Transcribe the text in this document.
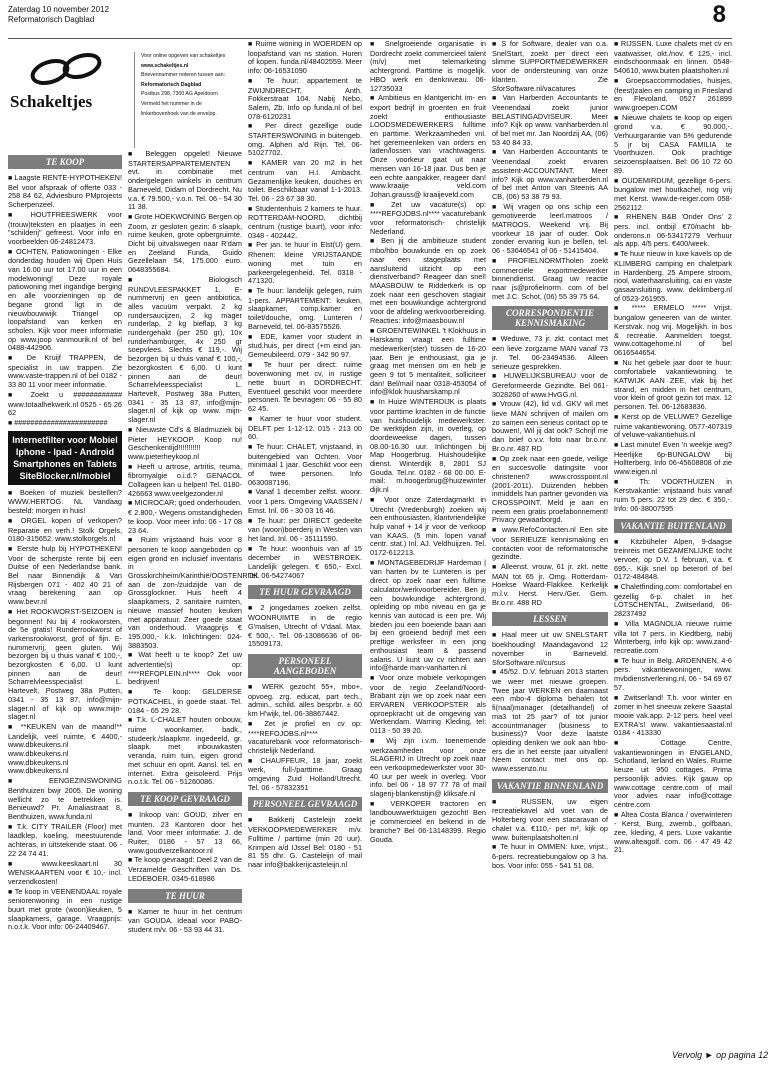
Zaterdag 10 november 2012
Reformatorisch Dagblad	8
Schakeltjes
Voor online opgeven van schakeltjes
www.schakeltjes.nl
Brievennummer noteren tussen aan:
Reformatorisch Dagblad
Postbus 298, 7300 AG Apeldoorn
Vermeld het nummer in de
linkerbovenhoek van de envelop.
TE KOOP

■ Laagste RENTE-HYPOTHEKEN! Bel voor afspraak of offerte 033 - 258 84 62, Adviesburo PMprojects Scherpenzeel.

■ HOUTFREESWERK voor (trouw)teksten en plaatjes in een "schilderij" gefreest. Voor info en voorbeelden 06-24812473.

■ OCHTEN, Patiowoningen - Elke donderdag houden wij Open Huis van 16.00 uur tot 17.00 uur in een modelwoning! Deze royale patiowoning met ingandige berging en alle voorzieningen op de begane grond ligt in de nieuwbouwwijk Triangel op loopafstand van kerken en scholen. Kijk voor meer informatie op www.joop vanmourik.nl of bel 0488-442906.

■ De Kruijf TRAPPEN, de specialist in uw trappen. Zie www.vaste-trappen.nl of bel 0182 - 33 80 11 voor meer informatie.

■ Zoekt u ############ www.totaalhekwerk.nl 0525 - 65 26 62

■ #######################

Internetfilter voor Mobiel Iphone - Ipad - Android Smartphones en Tablets SiteBlocker.nl/mobiel

■ Boeken of muziek bestellen? WWW.HERTOG. NL Vandaag besteld: morgen in huis!

■ ORGEL kopen of verkopen? Reparatie en verh.! Stolk Orgels, 0180-315652. www.stolkorgels.nl

■ Eerste hulp bij HYPOTHEKEN! Voor de scherpste rente bij een Duitse of een Nederlandse bank. Bel naar Binnendijk & Van Rijsbergen 071 - 402 40 21 of vraag berekening aan op www.bevr.nl

■ Het ROOKWORST-SEIZOEN is begonnen! Nu bij 4 rookworsten, de 5e gratis! Runderrookworst of varkensrookworst, grof of fijn. E-nummervrij, geen gluten. Wij bezorgen bij u thuis vanaf € 100,-, bezorgkosten € 6,00. U kunt pinnen aan de deur! Scharrelvleesspecialist L. Hartevelt, Postweg 38a Putten, 0341 - 35 13 87, info@mijn-slager.nl of kijk op www.mijn-slager.nl

■ **KEUKEN van de maand!** Landelijk, veel ruimte, € 4400,-www.dbkeukens.nl www.dbkeukens.nl www.dbkeukens.nl www.dbkeukens.nl

■ EENGEZINSWONING Benthuizen bwjr 2005. De woning wellicht zo te betrekken is. Benieuwd? Pr. Amaliastraat 8, Benthuizen, www.funda.nl

■ T.k. CITY TRAILER (Floor) met laadklep, koeling, meestuurende achteras, in uitstekende staat. 06 - 22 24 74 41.

■ www.keeskaart.nl 30 WENSKAARTEN voor € 10,- incl. verzendkosten!

■ Te koop in VEENENDAAL royale seniorenwoning in een rustige buurt met grote (woon)keuken, 5 slaapkamers, garage. Vraagprijs: n.o.t.k. Voor info: 06-24409467.

■ Beleggen opgelet! Nieuwe STARTERSAPPARTEMENTEN evt. in combinatie met ondergelegen winkels in centrum Barneveld, Didam of Dordrecht. Nu v.a. € 79.500,- v.o.n. Tel. 06 - 54 30 11 38.

■ Grote HOEKWONING Bergen op Zoom, zr gesloten gezin: 6 slaapk, ruime keuken, grote opbergruimte. Dicht bij uitvalswegen naar R'dam en Zeeland Funda, Guido Gezellelaan 54, 175.000 euro. 0648355684.

■ Biologisch RUNDVLEESPAKKET 1, E-nummervrij en geen antibiotica, alles vacuüm verpakt. 2 kg rundersaucijzen, 2 kg mager runderlap, 2 kg bieflap, 3 kg rundergehakt (per 250 gr), 10x runderhamburger, 4x 250 gr soepvlees. Slechts € 119,-. Wij bezorgen bij u thuis vanaf € 100,-, bezorgkosten € 6,00. U kunt pinnen aan de deur! Scharrelvleesspecialist L. Hartevelt, Postweg 38a Putten, 0341 - 35 13 87, info@mijn-slager.nl of kijk op www. mijn-slager.nl

■ Nieuwste Cd's & Bladmuziek bij Pieter HEYKOOP. Koop nu! Geschenkentijd!!!!!!!!!!! www.pieterheykoop.nl

■ Heeft u artrose, artritis, reuma, fibromyalgie o.i.d.? GENACOL Collageen kan u helpen! Tel. 0180-426663 www.veelgezonder.nl

■ MICROCAR; goed onderhouden. € 2.800,- Wegens omstandigheden te koop. Voor meer info: 06 - 17 08 23 64.

■ Ruim vrijstaand huis voor 8 personen te koop aangeboden op eigen grond en inclusief inventaris in Grosskirchheim/Karinthië/OOSTENRIJK aan de zon-/zuidzijde van de Grossglockner. Huis heeft 4 slaapkamers, 2 sanitaire ruimten, nieuwe massief houten keuken met apparatuur. Zeer goede staat van onderhoud. Vraagprijs € 195.000,- k.k. Inlichtingen: 024-3883503.

■ Wat heeft u te koop? Zet uw advertentie(s) op: ****REFOPLEIN.nl**** Ook voor bedrijven!

■ Te koop: GELDERSE POTKACHEL, in goede staat. Tel. 0184 - 65 29 28.

■ T.k. L-CHALET houten onbouw, ruime woonkamer, badk., studeerk./slaapkmr. ingedeeld, gr. slaapk. met inbouwkasten veranda, ruim tuin, eigen grond met schuur en oprit. Aansl. tel. en internet. Extra geisoleerd. Prijs n.o.t.k. Tel. 06 - 51260086.

TE KOOP GEVRAAGD

■ Inkoop van: GOUD, zilver en munten. 23 Kantoren door het land. Voor meer informatie: J. de Ruiter, 0186 - 57 13 66, www.goudverzelkantoor.nl

■ Te koop gevraagd: Deel 2 van de Verzamelde Geschriften van Ds. LEDEBOER. 0345-618986

TE HUUR

■ Kamer te huur in het centrum van GOUDA. Ideaal voor PABO-student m/v. 06 - 53 93 44 31.

■ Ruime woning in WOERDEN op loopafstand van ns station. Huren of kopen. funda.nl/48402559. Meer info: 06-16531090

■ Te huur: appartement te ZWIJNDRECHT, Anth. Fokkerstraat 104. Nabij Nebo, Salem, Zb. Info op funda.nl of bel 078-6120231

■ Per direct gezellige oude STARTERSWONING in buitengeb. omg. Alphen a/d Rijn. Tel. 06-51027702.

■ KAMER van 20 m2 in het centrum van H.I. Ambacht. Gezamenlijke keuken, douches en toilet. Beschikbaar vanaf 1-1-2013. Tel. 06 - 23 67 38 30.

■ Studentenhuis 2 kamers te huur. ROTTERDAM-NOORD, dichtbij centrum (rustige buurt), voor info: 0348 - 402442.

■ Per jan. te huur in Elst(U) gem. Rhenen: kleine VRIJSTAANDE woning met tuin en parkeergelegenheid. Tel. 0318 - 471320.

■ Te huur: landelijk gelegen, ruim 1-pers. APPARTEMENT: keuken, slaapkamer, comp.kamer en toilet/douche, omg. Lunteren / Barneveld, tel. 06-83575526.

■ EDE, kamer voor student in stud.huis, per direct (+m eind jan. Gemeubileerd. 079 - 342 90 97.

■ Te huur per direct: ruime bovenwoning met cv, in rustige nette buurt in DORDRECHT. Eventueel geschikt voor meerdere personen. Te bevragen: 06 - 55 80 62 45.

■ Kamer te huur voor student. DELFT per 1-12-12. 015 - 213 00 60.

■ Te huur: CHALET, vrijstaand, in buitengebied van Ochten. Voor minimaal 1 jaar. Geschikt voor een of twee personen. Info 0630087196.

■ Vanaf 1 december zelfst. woonr. voor 1 pers. Omgeving VAASSEN / Emst. Inl. 06 - 30 03 16 46.

■ Te huur: per DIRECT gedeelte van (woon)boerderij in Westen van het land. Inl. 06 - 35111590.

■ Te huur: woonhuis van af 15 december in WESTBROEK. Landelijk gelegen. € 650,- Excl. Tel. 06-54274067

TE HUUR GEVRAAGD

■ 2 jongedames zoeken zelfst. WOONRUIMTE in de regio G'malsen, Utrecht of V'daal. Max. € 500,-. Tel. 06-13086636 of 06-15509173.

PERSONEEL AANGEBODEN

■ WERK gezocht 55+, mbo+, opvoeg. zrg. educat, part tech., admin., schild. alles besprbr. ± 60 km H'wijk, tel. 06-38867442.

■ Zet je profiel en cv op: ****REFOJOBS.nl**** vacaturebank voor reformatorisch-christelijk Nederland.

■ CHAUFFEUR, 18 jaar, zoekt werk, full-/parttime. Graag omgeving Zuid Holland/Utrecht. Tel. 06 - 57832351

PERSONEEL GEVRAAGD

■ Bakkerij Casteleijn zoekt VERKOOPMEDEWERKER m/v. Fulltime / parttime (min 20 uur). Krimpen a/d IJssel Bel: 0180 - 51 81 55 dhr. G. Casteleijn of mail naar info@bakkerijcasteleijn.nl

■ Snelgroeiende organisatie in Dordrecht zoekt commercieel talent (m/v) met telemarketing achtergrond. Parttime is mogelijk. HBO werk en denkniveau. 06-12735033

■ Ambitieus en klantgericht im- en export bedrijf in groenten en fruit zoekt enthousiaste LOODSMEDEWERKERS fulltime en parttime. Werkzaamheden vnl. het geremeenleken van orders en laden/lossen van vrachtwagens. Onze voorkeur gaat uit naar mensen van 16-18 jaar. Dus ben je een echte aanpakker, reageer dan! www.kraaije veld.com Johan.grauss@ kraaijeveld.com

■ Zet uw vacature(s) op: ****REFOJOBS.nl**** vacaturebank voor reformatorisch- christelijk Nederland.

■ Ben jij die ambitieuze student mbo/hbo bouwkunde en op zoek naar een stageplaats met aansluitend uitzicht op een dienstverband? Reageer dan snel! MAASBOUW te Ridderkerk is op zoek naar een geschoven stagiair met een bouwkundige achtergrond voor de afdeling werkvoorbereiding. Reacties: info@maasbouw.nl

■ GROENTEWINKEL 't Klokhuus in Harskamp vraagt een fulltime medewerker(ster) tussen de 16-20 jaar. Ben je enthousiast, gia je graag met mensen om en heb je geen 9 tot 5 mentaliteit, solliciteer dan! Bel/mail naar 0318-453054 of info@klok huusharskamp.nl

■ In Huize WINTERDIJK is plaats voor parttime krachten in de functie van huishoudelijk medewerkster. De werktijden zijn, in overleg, op doordeweekse dagen, tussen 08.00-16.30 uur. Inlichtingen bij Map Hoogerbrug. Huishoudelijke dienst. Winterdijk 8, 2801 SJ Gouda. Tel.nr. 0182 - 68 00 00. E-mail: m.hoogerbrug@huizewinter dijk.nl

■ Voor onze Zaterdagmarkt in Utrecht (Vredenburgh) zoeken wij een enthousiasten, klantvriendelijke hulp vanaf + 14 jr voor de verkoop van KAAS. (5 min. lopen vanaf centr. stat.) Inl. AJ. Veldhuijzen. Tel. 0172-612213.

■ MONTAGEBEDRIJF Hardeman | van harten bv te Lunteren is per direct op zoek naar een fulltime calculator/werkvoorbereider. Ben jij een bouwkundige achtergrond, opleiding op mbo niveau en ga je kennis van autocad is een pre. Wij bieden jou een boeiende baan aan bij een groeiend bedrijf met een prettige werksfeer in een jong enthousiast team & passend salaris. U kunt uw cv richten aan info@harde man-vanharten.nl

■ Voor onze mobiele verkopingen voor de regio Zeeland/Noord-Brabant zijn we op zoek naar een ERVAREN VERKOOPSTER als oproepkracht uit de omgeving van Werkendam. Warring Kleding, tel: 0113 - 50 39 20.

■ Wij zijn i.v.m. toenemende werkzaamheden voor onze SLAGERIJ in Utrecht op zoek naar een verkoopmedewerkster voor 30-40 uur per week in overleg. Voor info. bel 06 - 18 97 77 78 of mail slagerij-blankenstijn@ kliksafe.nl

■ VERKOPER tractoren en landbouwwerktuigen gezocht! Ben je commercieel en bekend in de branche? Bel 06-13148399. Regio Gouda.

■ S for Software, dealer van o.a. SnelStart, zoekt per direct een slimme SUPPORTMEDEWERKER voor de ondersteuning van onze klanten. Zie SforSoftware.nl/vacatures

■ Van Harberden Accountants te Veenendaal zoekt junior BELASTINGADVISEUR. Meer info? Kijk op www. vanharberden.nl of bel met mr. Jan Noordzij AA, (06) 53 40 84 33.

■ Van Harberden Accountants te Veenendaal zoekt ervaren assistent-ACCOUNTANT. Meer info? Kijk op www.vanharberden.nl of bel met Anton van Steenis AA CB, (06) 53 38 79 93.

■ Wij vragen op ons schip een gemotiveerde leerl.matroos / MATROOS. Weekend vrij. Bij voorkeur 18 jaar of ouder. Ook zonder ervaring kun je bellen, tel. 06 - 53646541 of 06 - 51415404.

■ PROFIELNORMTholen zoekt commerciële exportmedewerker binnendienst. Graag uw reactie naar js@profielnorm. com of bel met J.C. Schot, (06) 55 39 75 64.

CORRESPONDENTIE KENNISMAKING

■ Weduwe, 73 jr. zkt. contact met een lieve zorgzame MAN vanaf 73 jr. Tel. 06-23494536. Alleen serieuze gesprekken.

■ HUWELIJKSBUREAU voor de Gereformeerde Gezindte. Bel 061-3028260 of www.HvGG.nl.

■ Vrouw (42), lid v.d. GKV wil met lieve MAN schrijven of mailen om zo samen een serieus contact op te bouwen!, Wil jij dat ook? Schrijf me dan brief o.v.v. foto naar br.o.nr. Br.o.nr. 487 RD

■ Op zoek naar een goede, veilige en succesvolle datingsite voor christenen? www.crosspoint.nl (2001-2011). Duizenden hebben inmiddels hun partner gevonden via CROSSPOINT. Meld je aan en neem een gratis proefabonnement! Privacy gewaarborgd.

■ www.RefoContacten.nl Een site voor SERIEUZE kennismaking en contacten voor de reformatorische gezindte.

■ Alleenst. vrouw, 61 jr. zkt. nette MAN tot 65 jr. Omg. Rotterdam-Hoekse Waard-Flakkee. Kerkelijk m.l.v. Herst. Herv./Ger. Gem. Br.o.nr. 488 RD

LESSEN

■ Haal meer uit uw SNELSTART boekhouding! Maandagavond 12 november in Barneveld. SforSoftware.nl/cursus

■ 45/52. D.V. februari 2013 starten we weer met nieuwe groepen. Twee jaar WERKEN en daarnaast een mbo-4 diploma behalen tot fi(naal)manager (detailhandel) of ma3 tot 25 jaar? of tot junior accountmanager (business to business)? Voor deze laatste opleiding denken we ook aan hbo-ers die in het eerste jaar uitvallen! Neem contact met ons op. www.essenzo.nu

VAKANTIE BINNENLAND

■ RUSSEN, uw eigen recreatiekavel a/d voet van de Holterberg voor een stacaravan of chalet v.a. €110,- per m², kijk op www. buitenplaatsholten.nl

■ Te huur in OMMEN: luxe, vrijst., 6-pers. recreatiebungalow op 3 ha. bos. Voor info: 055 - 541 51 08.

■ RIJSSEN. Luxe chalets met cv en vaatwasser, okt./nov. € 125,- incl. eindschoonmaak en linnen. 0548-540610, www.buiten plaatsholten.nl

■ Groepsaccommodaties, huisjes, (feest)zalen en camping in Friesland en Flevoland. 0527 261899 www.groepen.COM

■ Nieuwe chalets te koop op eigen grond v.a. € 90.000,-. Verhuurgarantie van 5% gedurende 5 jr bij CASA FAMILIA te Voorthuizen. Ook prachtige seizoensplaatsen. Bel: 06 10 72 60 89.

■ OUDEMIRDUM, gezellige 6-pers. bungalow met houtkachel, nog vrij met Kerst. www.de-reiger.com 058-2562112.

■ RHENEN B&B 'Onder Ons' 2 pers. incl. ontbijl €70/nacht bb-onderons.n 06-53417279 Verhuur als app. 4/5 pers. €400/week.

■ Te huur nieuw in luxe kavels op de KLIMBERG camping en chaletpark in Hardenberg. 25 Ampere stroom, riool, waterhaansluiting, cai en vaste gasaansluiting. www. deklimberg.nl of 0523-261955.

■ ***** ERMELO ***** Vrijst. bungalow geneeren van de winter. Kerstvak. nog vrij. Mogelijkh. in bos & recreatie. Aanmelden toegst. www.cottagehome.nl of bel 0616544654.

■ Nu het gebele jaar door te huur: comfortabele vakantiewoning te KATWIJK AAN ZEE, vlak bij het strand, en midden in het centrum, voor klein of groot gezin tot max. 12 personen. Tel. 06-12683836.

■ Kerst op de VELUWE? Gezellige ruime vakantiewoning. 0577-407319 of veluwe-vakantiehuis.nl

■ Last minute! Even 'n weekje weg? Heerlijke 6p-BUNGALOW bij Hollterberg. Info 06-45608808 of zie www.eigen.nl

■ Th: VOORTHUIZEN in Kerstvakantie: vrijstaand huis vanaf ruim 5 pers. 22 tot 29 dec. € 350,-. Info: 06-38007595

VAKANTIE BUITENLAND

■ Kitzbüheler Alpen, 9-daagse treinreis met GEZAMENLIJKE tocht vervoer, op D.V. 1 februari, v.a. € 695,-. Kijk snel op beterorl of bel 0172-484848.

■ Chaletfinding.com: comfortabel en gezellig 6-p. chalet in het LÖTSCHENTAL, Zwitserland, 06-28237492

■ Villa MAGNOLIA nieuwe ruime villa tot 7 pers. in Kiedtberg, nabij Winterberg, info kijk op: www.zand-recreatie.com

■ Te huur in Belg. ARDENNEN, 4-6 pers. vakantiewoningen, www. mvbdienstverlening.nl, 06 - 54 69 67 57.

■ Zwitserland! T.h. voor winter en zomer in het sneeuw zekere Saastal mooie vak.app. 2-12 pers. heel veel EXTRA's! www. vakantiesaastal.nl 0184 - 413330

■ Cottage Centre, vakantiewoningen in ENGELAND, Schotland, Ierland en Wales. Ruime keuze uit 950 cottages. Prima persoonlijk advies. Kijk gauw op www.cottage centre.com of mail voor advies naar info@cottage centre.com

■ Altea Costa Blanca / overwinteren - Kerst, Burg, zwemb., golfbaan, zee, kleding, 4 pers. Luxe vakantie www.alteagolf. com. 06 - 47 49 42 21.

Vervolg ► op pagina 12
